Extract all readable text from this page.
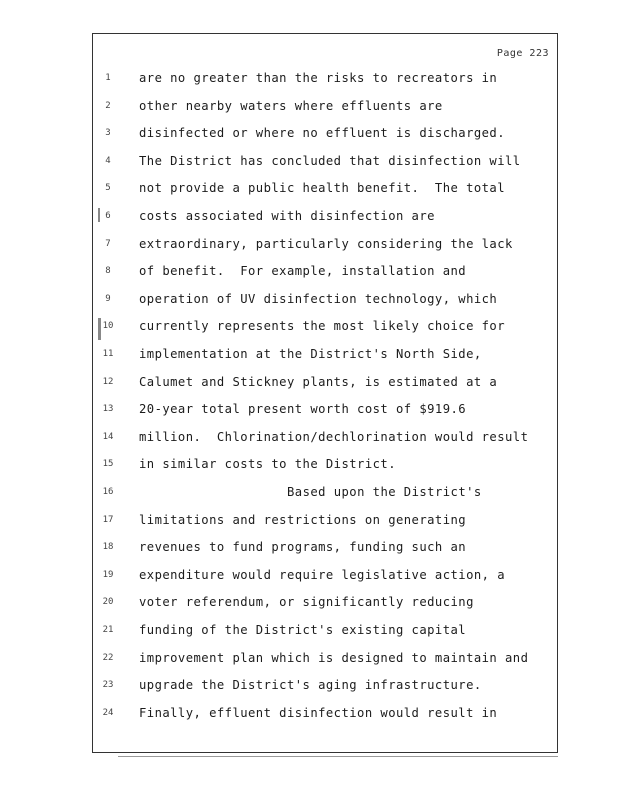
Page 223
1	are no greater than the risks to recreators in
2	other nearby waters where effluents are
3	disinfected or where no effluent is discharged.
4	The District has concluded that disinfection will
5	not provide a public health benefit.  The total
6	costs associated with disinfection are
7	extraordinary, particularly considering the lack
8	of benefit.  For example, installation and
9	operation of UV disinfection technology, which
10	currently represents the most likely choice for
11	implementation at the District's North Side,
12	Calumet and Stickney plants, is estimated at a
13	20-year total present worth cost of $919.6
14	million.  Chlorination/dechlorination would result
15	in similar costs to the District.
16	Based upon the District's
17	limitations and restrictions on generating
18	revenues to fund programs, funding such an
19	expenditure would require legislative action, a
20	voter referendum, or significantly reducing
21	funding of the District's existing capital
22	improvement plan which is designed to maintain and
23	upgrade the District's aging infrastructure.
24	Finally, effluent disinfection would result in
